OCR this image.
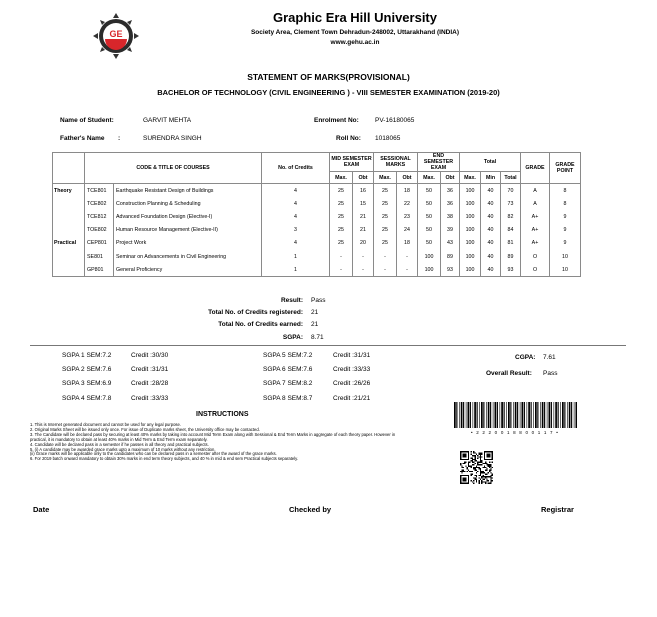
GE
Graphic Era Hill University
Society Area, Clement Town Dehradun-248002, Uttarakhand (INDIA)
www.gehu.ac.in
STATEMENT OF MARKS(PROVISIONAL)
BACHELOR OF TECHNOLOGY (CIVIL ENGINEERING ) - VIII SEMESTER EXAMINATION (2019-20)
Name of Student:	GARVIT MEHTA	Enrolment No: PV-16180065
Father's Name :	SURENDRA SINGH	Roll No: 1018065
	CODE & TITLE OF COURSES		No. of Credits	MID SEMESTER EXAM		SESSIONAL MARKS		END SEMESTER EXAM		Total			GRADE	GRADE POINT
				Max.	Obt	Max.	Obt	Max.	Obt	Max.	Min	Total		
Theory	TCE801	Earthquake Resistant Design of Buildings	4	25	16	25	18	50	36	100	40	70	A	8
	TCE802	Construction Planning & Scheduling	4	25	15	25	22	50	36	100	40	73	A	8
	TCE812	Advanced Foundation Design (Elective-I)	4	25	21	25	23	50	38	100	40	82	A+	9
	TOE802	Human Resource Management (Elective-II)	3	25	21	25	24	50	39	100	40	84	A+	9
Practical	CEP801	Project Work	4	25	20	25	18	50	43	100	40	81	A+	9
	SE801	Seminar on Advancements in Civil Engineering	1	-	-	-	-	100	89	100	40	89	O	10
	GP801	General Proficiency	1	-	-	-	-	100	93	100	40	93	O	10
Result: Pass
Total No. of Credits registered: 21
Total No. of Credits earned: 21
SGPA: 8.71
SGPA 1 SEM:7.2	Credit :30/30
SGPA 2 SEM:7.6	Credit :31/31
SGPA 3 SEM:6.9	Credit :28/28
SGPA 4 SEM:7.8	Credit :33/33
SGPA 5 SEM:7.2	Credit :31/31
SGPA 6 SEM:7.6	Credit :33/33
SGPA 7 SEM:8.2	Credit :26/26
SGPA 8 SEM:8.7	Credit :21/21
CGPA: 7.61
Overall Result: Pass
INSTRUCTIONS
1. This is Internet generated document and cannot be used for any legal purpose.
2. Original Marks Sheet will be issued only once. For issue of Duplicate marks sheet, the University office may be contacted.
3. The Candidate will be declared pass by securing at least 40% marks by taking into account Mid Term Exam along with Sessional & End Term Marks in aggregate of each theory paper. However in practical, it is mandatory to obtain at least 40% marks in Mid Term & End Term exam separately.
4. Candidate will be declared pass in a semester if he passes in all theory and practical subjects.
5. (i) A candidate may be awarded grace marks upto a maximum of 10 marks without any restriction.
(ii) Grace marks will be applicable only to the candidates who can be declared pass in a semester after the award of the grace marks.
6. For 2019 batch onward mandatory to obtain 30% marks in end term theory subjects, and 40 % in mid & end sem Practical subjects separately.
• 2 2 2 0 0 1 8 8 0 0 1 1 7 •
Date	Checked by	Registrar
